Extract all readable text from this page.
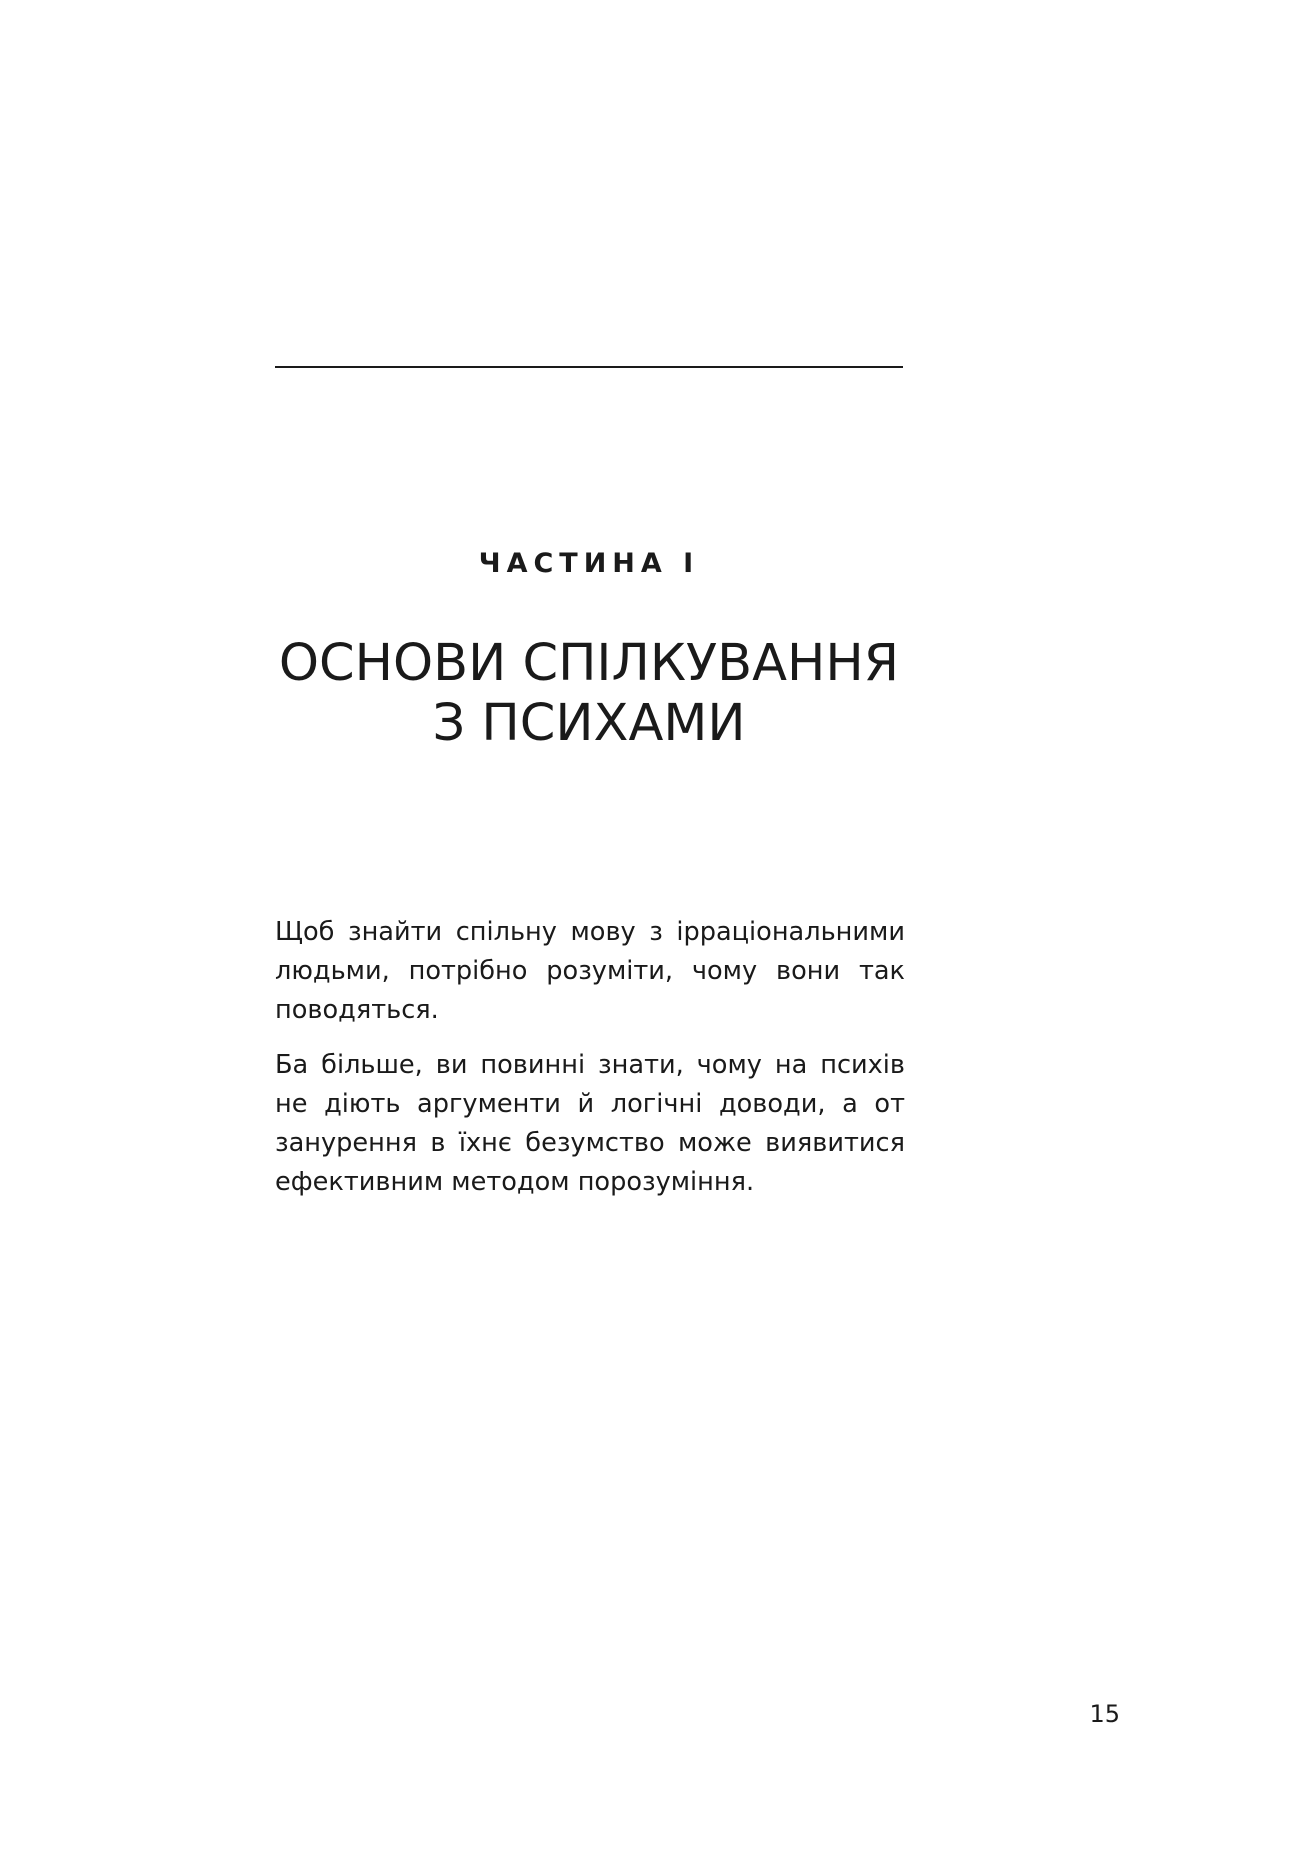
ЧАСТИНА І
ОСНОВИ СПІЛКУВАННЯ
З ПСИХАМИ

Щоб знайти спільну мову з ірраціональними людьми, потрібно розуміти, чому вони так поводяться.

Ба більше, ви повинні знати, чому на психів не діють аргументи й логічні доводи, а от занурення в їхнє безумство може виявитися ефективним методом порозуміння.

15
